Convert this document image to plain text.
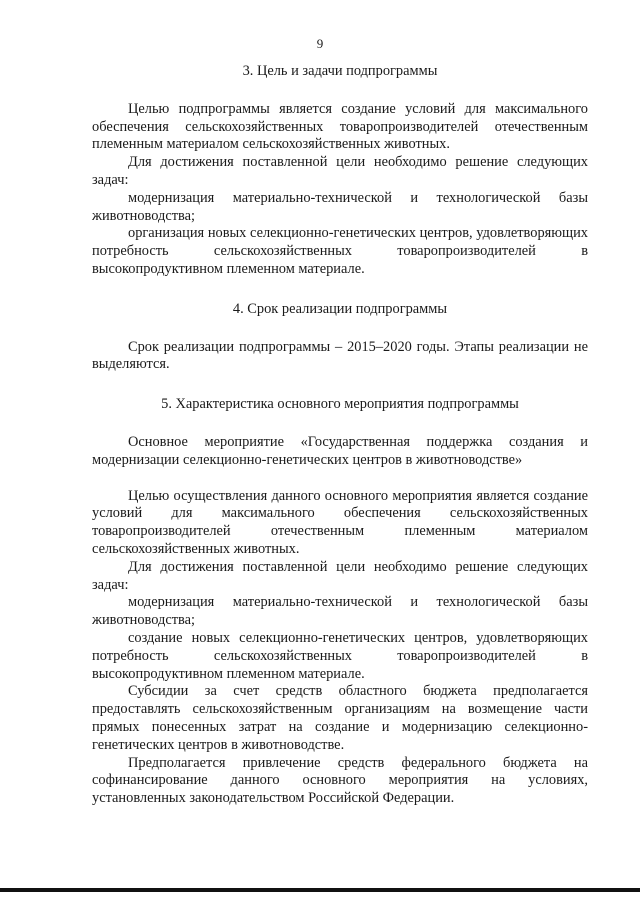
9
3. Цель и задачи подпрограммы

Целью подпрограммы является создание условий для максимального обеспечения сельскохозяйственных товаропроизводителей отечественным племенным материалом сельскохозяйственных животных.

Для достижения поставленной цели необходимо решение следующих задач:

модернизация материально-технической и технологической базы животноводства;

организация новых селекционно-генетических центров, удовлетворяющих потребность сельскохозяйственных товаропроизводителей в высокопродуктивном племенном материале.

4. Срок реализации подпрограммы

Срок реализации подпрограммы – 2015–2020 годы. Этапы реализации не выделяются.

5. Характеристика основного мероприятия подпрограммы

Основное мероприятие «Государственная поддержка создания и модернизации селекционно-генетических центров в животноводстве»

Целью осуществления данного основного мероприятия является создание условий для максимального обеспечения сельскохозяйственных товаропроизводителей отечественным племенным материалом сельскохозяйственных животных.

Для достижения поставленной цели необходимо решение следующих задач:

модернизация материально-технической и технологической базы животноводства;

создание новых селекционно-генетических центров, удовлетворяющих потребность сельскохозяйственных товаропроизводителей в высокопродуктивном племенном материале.

Субсидии за счет средств областного бюджета предполагается предоставлять сельскохозяйственным организациям на возмещение части прямых понесенных затрат на создание и модернизацию селекционно-генетических центров в животноводстве.

Предполагается привлечение средств федерального бюджета на софинансирование данного основного мероприятия на условиях, установленных законодательством Российской Федерации.
